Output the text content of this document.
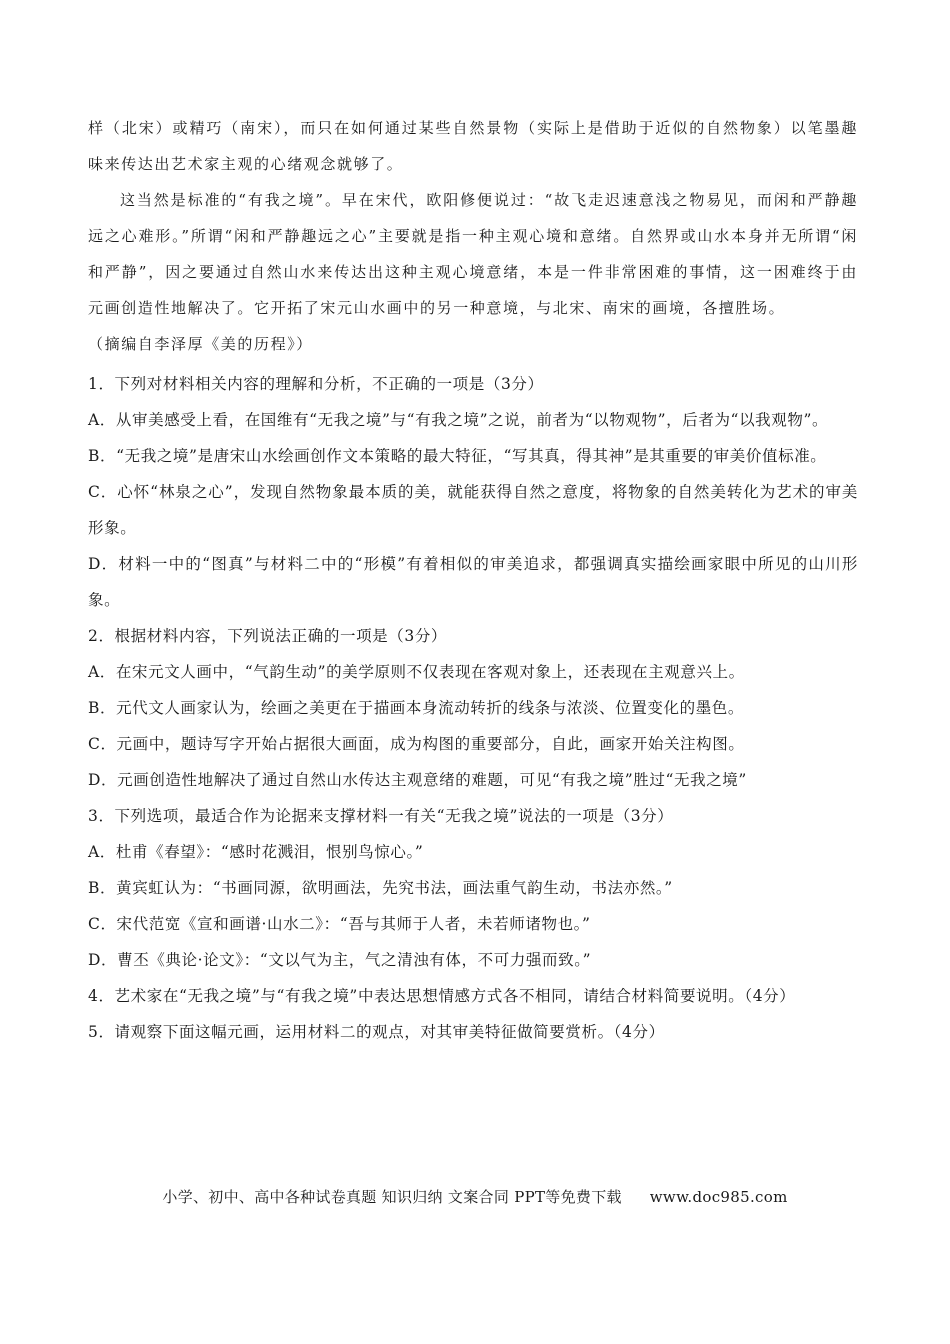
样（北宋）或精巧（南宋），而只在如何通过某些自然景物（实际上是借助于近似的自然物象）以笔墨趣味来传达出艺术家主观的心绪观念就够了。

这当然是标准的“有我之境”。早在宋代，欧阳修便说过：“故飞走迟速意浅之物易见，而闲和严静趣远之心难形。”所谓“闲和严静趣远之心”主要就是指一种主观心境和意绪。自然界或山水本身并无所谓“闲和严静”，因之要通过自然山水来传达出这种主观心境意绪，本是一件非常困难的事情，这一困难终于由元画创造性地解决了。它开拓了宋元山水画中的另一种意境，与北宋、南宋的画境，各擅胜场。

（摘编自李泽厚《美的历程》）

1．下列对材料相关内容的理解和分析，不正确的一项是（3分）

A．从审美感受上看，在国维有“无我之境”与“有我之境”之说，前者为“以物观物”，后者为“以我观物”。

B．“无我之境”是唐宋山水绘画创作文本策略的最大特征，“写其真，得其神”是其重要的审美价值标准。

C．心怀“林泉之心”，发现自然物象最本质的美，就能获得自然之意度，将物象的自然美转化为艺术的审美形象。

D．材料一中的“图真”与材料二中的“形模”有着相似的审美追求，都强调真实描绘画家眼中所见的山川形象。

2．根据材料内容，下列说法正确的一项是（3分）

A．在宋元文人画中，“气韵生动”的美学原则不仅表现在客观对象上，还表现在主观意兴上。

B．元代文人画家认为，绘画之美更在于描画本身流动转折的线条与浓淡、位置变化的墨色。

C．元画中，题诗写字开始占据很大画面，成为构图的重要部分，自此，画家开始关注构图。

D．元画创造性地解决了通过自然山水传达主观意绪的难题，可见“有我之境”胜过“无我之境”

3．下列选项，最适合作为论据来支撑材料一有关“无我之境”说法的一项是（3分）

A．杜甫《春望》：“感时花溅泪，恨别鸟惊心。”

B．黄宾虹认为：“书画同源，欲明画法，先究书法，画法重气韵生动，书法亦然。”

C．宋代范宽《宣和画谱·山水二》：“吾与其师于人者，未若师诸物也。”

D．曹丕《典论·论文》：“文以气为主，气之清浊有体，不可力强而致。”

4．艺术家在“无我之境”与“有我之境”中表达思想情感方式各不相同，请结合材料简要说明。（4分）

5．请观察下面这幅元画，运用材料二的观点，对其审美特征做简要赏析。（4分）

小学、初中、高中各种试卷真题 知识归纳 文案合同 PPT等免费下载 www.doc985.com
